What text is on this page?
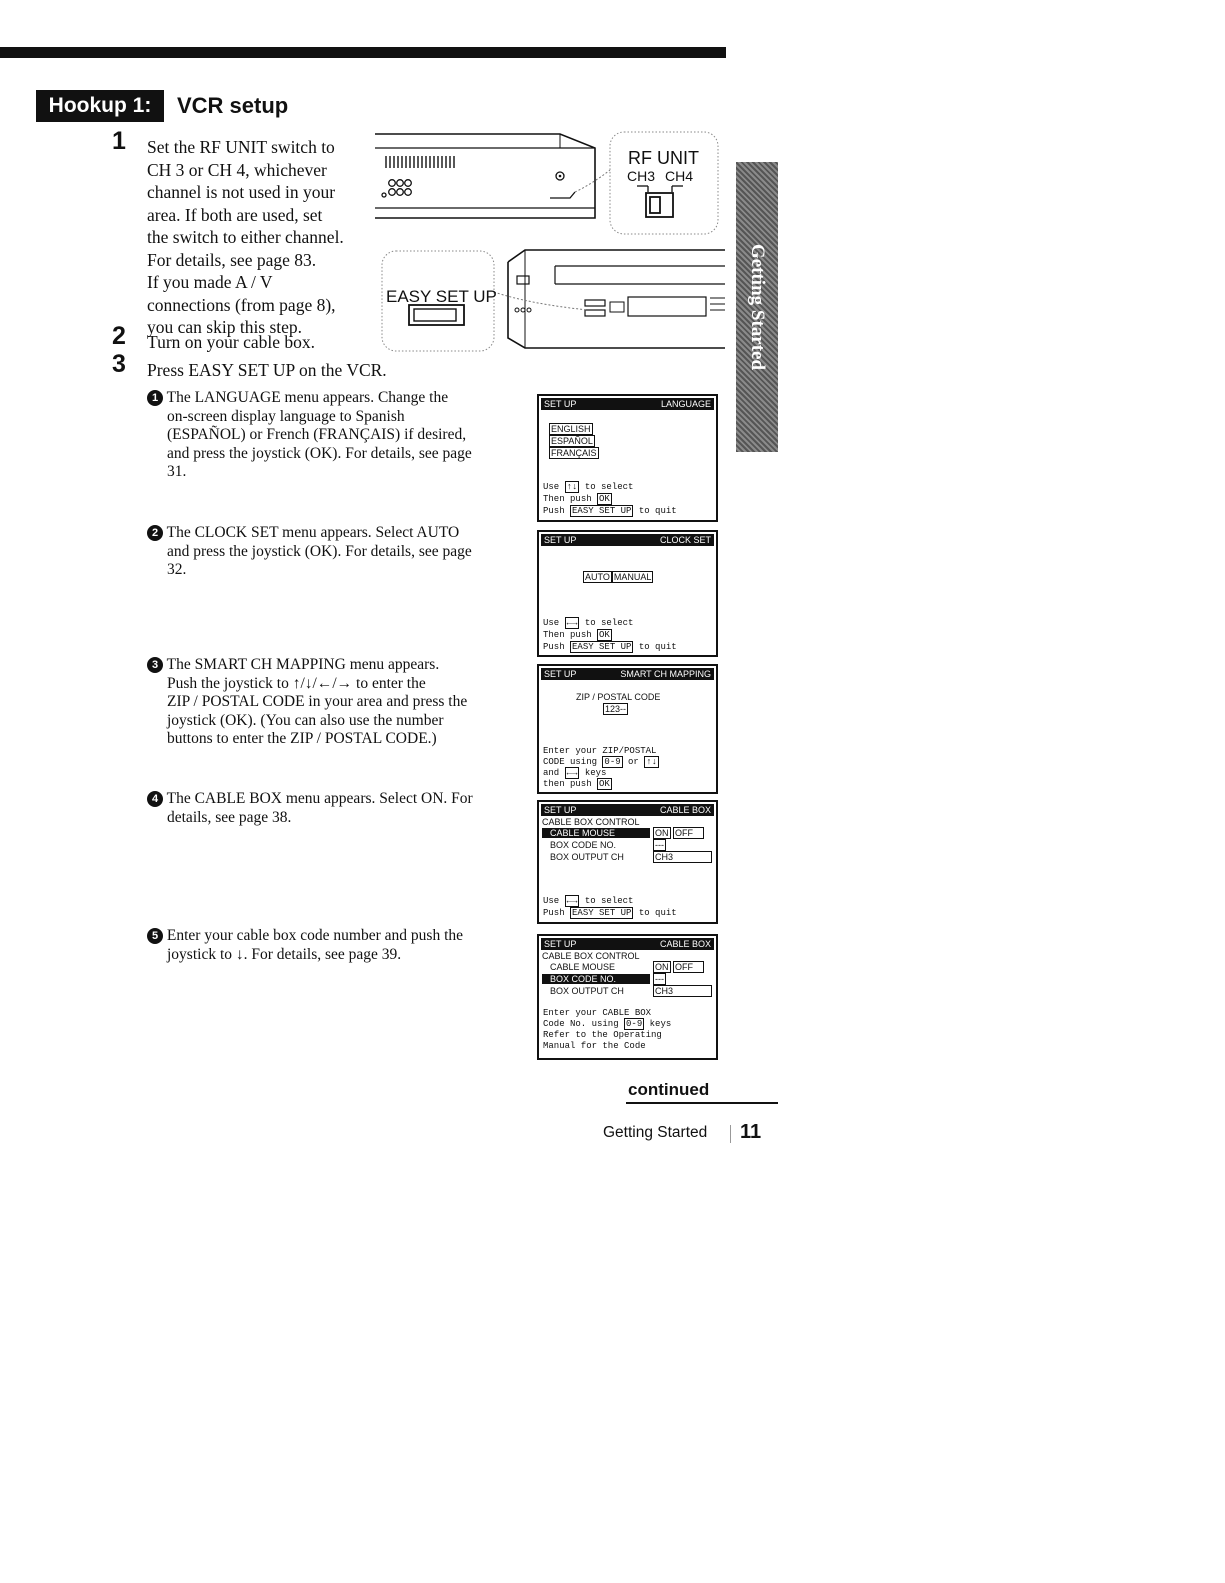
Hookup 1:	VCR setup
Getting Started
1 Set the RF UNIT switch to
CH 3 or CH 4, whichever
channel is not used in your
area. If both are used, set
the switch to either channel.
For details, see page 83.
If you made A / V
connections (from page 8),
you can skip this step.
2 Turn on your cable box.
3 Press EASY SET UP on the VCR.
RF UNIT
CH3 CH4
EASY SET UP
1 The LANGUAGE menu appears. Change the
on-screen display language to Spanish
(ESPAÑOL) or French (FRANÇAIS) if desired,
and press the joystick (OK). For details, see page
31.
2 The CLOCK SET menu appears. Select AUTO
and press the joystick (OK). For details, see page
32.
3 The SMART CH MAPPING menu appears.
Push the joystick to ↑/↓/←/→ to enter the
ZIP / POSTAL CODE in your area and press the
joystick (OK). (You can also use the number
buttons to enter the ZIP / POSTAL CODE.)
4 The CABLE BOX menu appears. Select ON. For
details, see page 38.
5 Enter your cable box code number and push the
joystick to ↓. For details, see page 39.
SET UP	LANGUAGE
ENGLISH
ESPAÑOL
FRANÇAIS
Use ↑↓ to select
Then push OK
Push EASY SET UP to quit
SET UP	CLOCK SET
AUTO MANUAL
Use ←→ to select
Then push OK
Push EASY SET UP to quit
SET UP	SMART CH MAPPING
ZIP / POSTAL CODE
123--
Enter your ZIP/POSTAL
CODE using 0-9 or ↑↓
and ←→ keys
then push OK
SET UP	CABLE BOX
CABLE BOX CONTROL
CABLE MOUSE	ON OFF
BOX CODE NO.	---
BOX OUTPUT CH	CH3
Use ←→ to select
Push EASY SET UP to quit
SET UP	CABLE BOX
CABLE BOX CONTROL
CABLE MOUSE	ON OFF
BOX CODE NO.	---
BOX OUTPUT CH	CH3
Enter your CABLE BOX
Code No. using 0-9 keys
Refer to the Operating
Manual for the Code
continued
Getting Started 11
